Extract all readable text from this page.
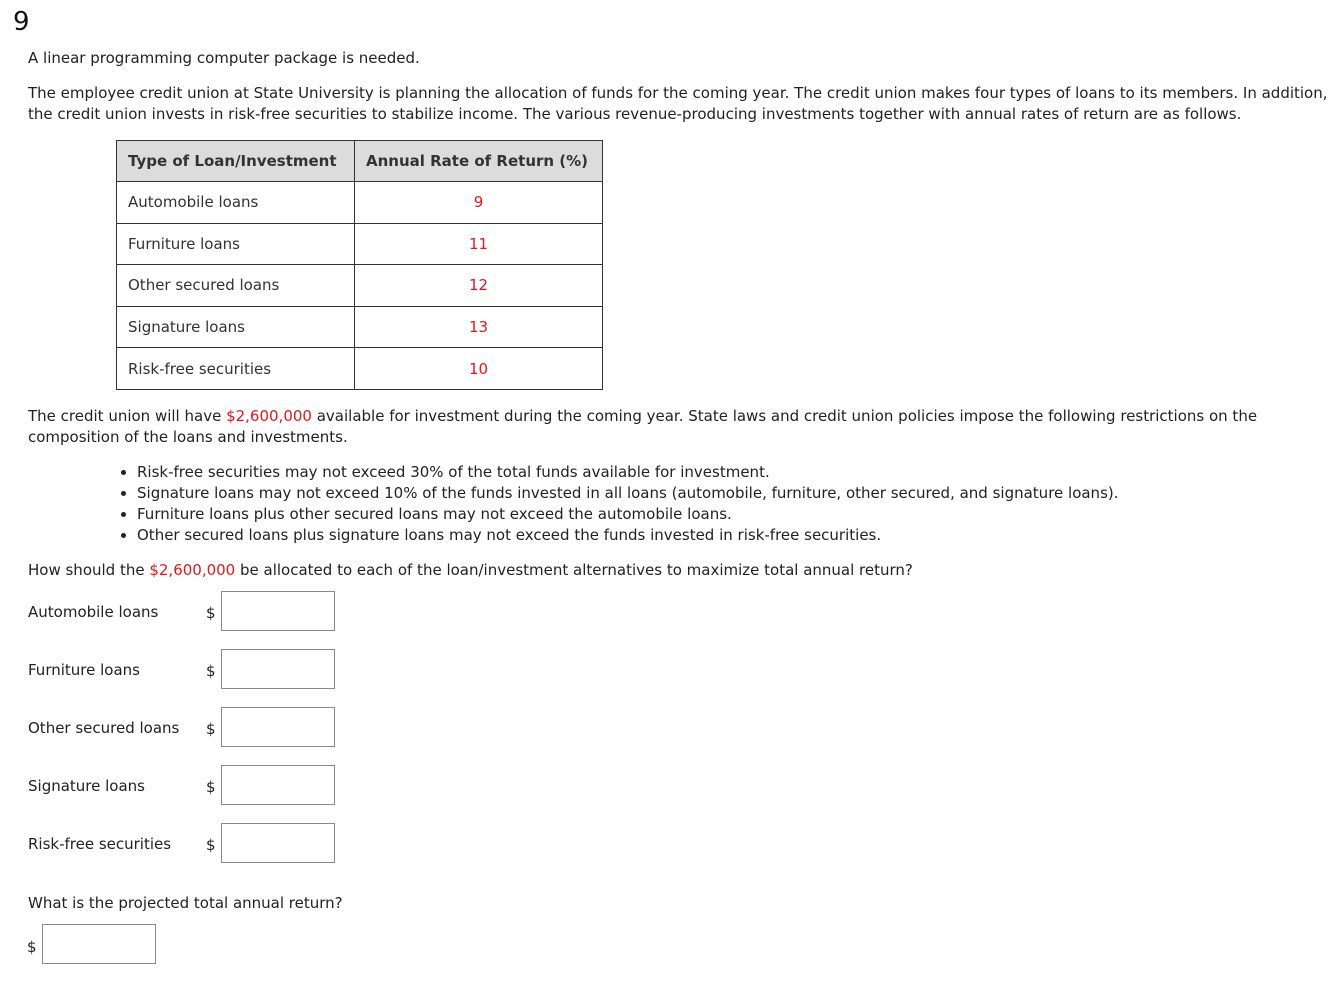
9

A linear programming computer package is needed.

The employee credit union at State University is planning the allocation of funds for the coming year. The credit union makes four types of loans to its members. In addition, the credit union invests in risk-free securities to stabilize income. The various revenue-producing investments together with annual rates of return are as follows.

Type of Loan/Investment	Annual Rate of Return (%)
Automobile loans	9
Furniture loans	11
Other secured loans	12
Signature loans	13
Risk-free securities	10

The credit union will have $2,600,000 available for investment during the coming year. State laws and credit union policies impose the following restrictions on the composition of the loans and investments.

• Risk-free securities may not exceed 30% of the total funds available for investment.
• Signature loans may not exceed 10% of the funds invested in all loans (automobile, furniture, other secured, and signature loans).
• Furniture loans plus other secured loans may not exceed the automobile loans.
• Other secured loans plus signature loans may not exceed the funds invested in risk-free securities.

How should the $2,600,000 be allocated to each of the loan/investment alternatives to maximize total annual return?

Automobile loans	$
Furniture loans	$
Other secured loans $
Signature loans	$
Risk-free securities $

What is the projected total annual return?

$
